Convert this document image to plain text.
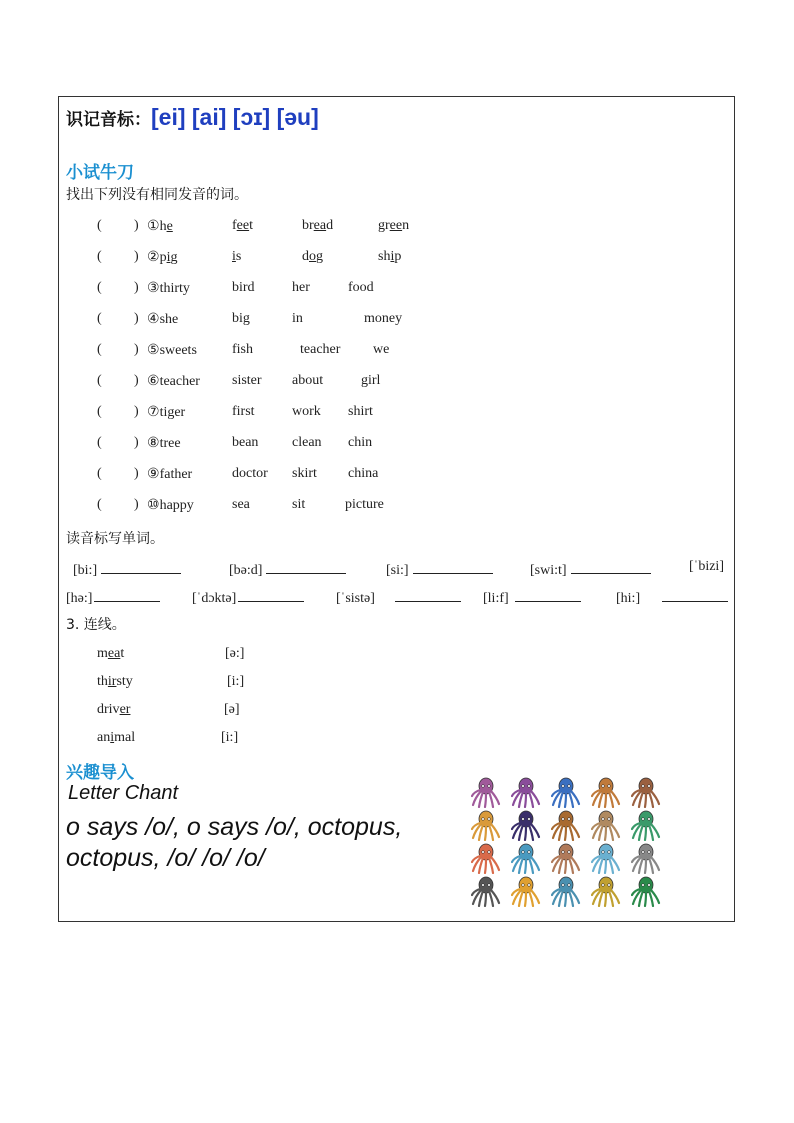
识记音标：[ei] [ai] [ɔɪ] [əu]
小试牛刀
找出下列没有相同发音的词。
( ) ①he	feet	bread	green
( ) ②pig	is	dog	ship
( ) ③thirty	bird	her	food
( ) ④she	big	in	money
( ) ⑤sweets	fish	teacher we
( ) ⑥teacher sister about	girl
( ) ⑦tiger	first	work shirt
( ) ⑧tree	bean clean chin
( ) ⑨father	doctor skirt china
( ) ⑩happy	sea	sit	picture
读音标写单词。
[bi:]	[bə:d]	[si:]	[swi:t]	[ˈbizi]
[hə:]	[ˈdɔktə]	[ˈsistə]	[li:f]	[hi:]
3. 连线。
meat	[ə:]
thirsty	[i:]
driver	[ə]
animal	[i:]
兴趣导入
Letter Chant
o says /o/, o says /o/, octopus,
octopus, /o/ /o/ /o/
